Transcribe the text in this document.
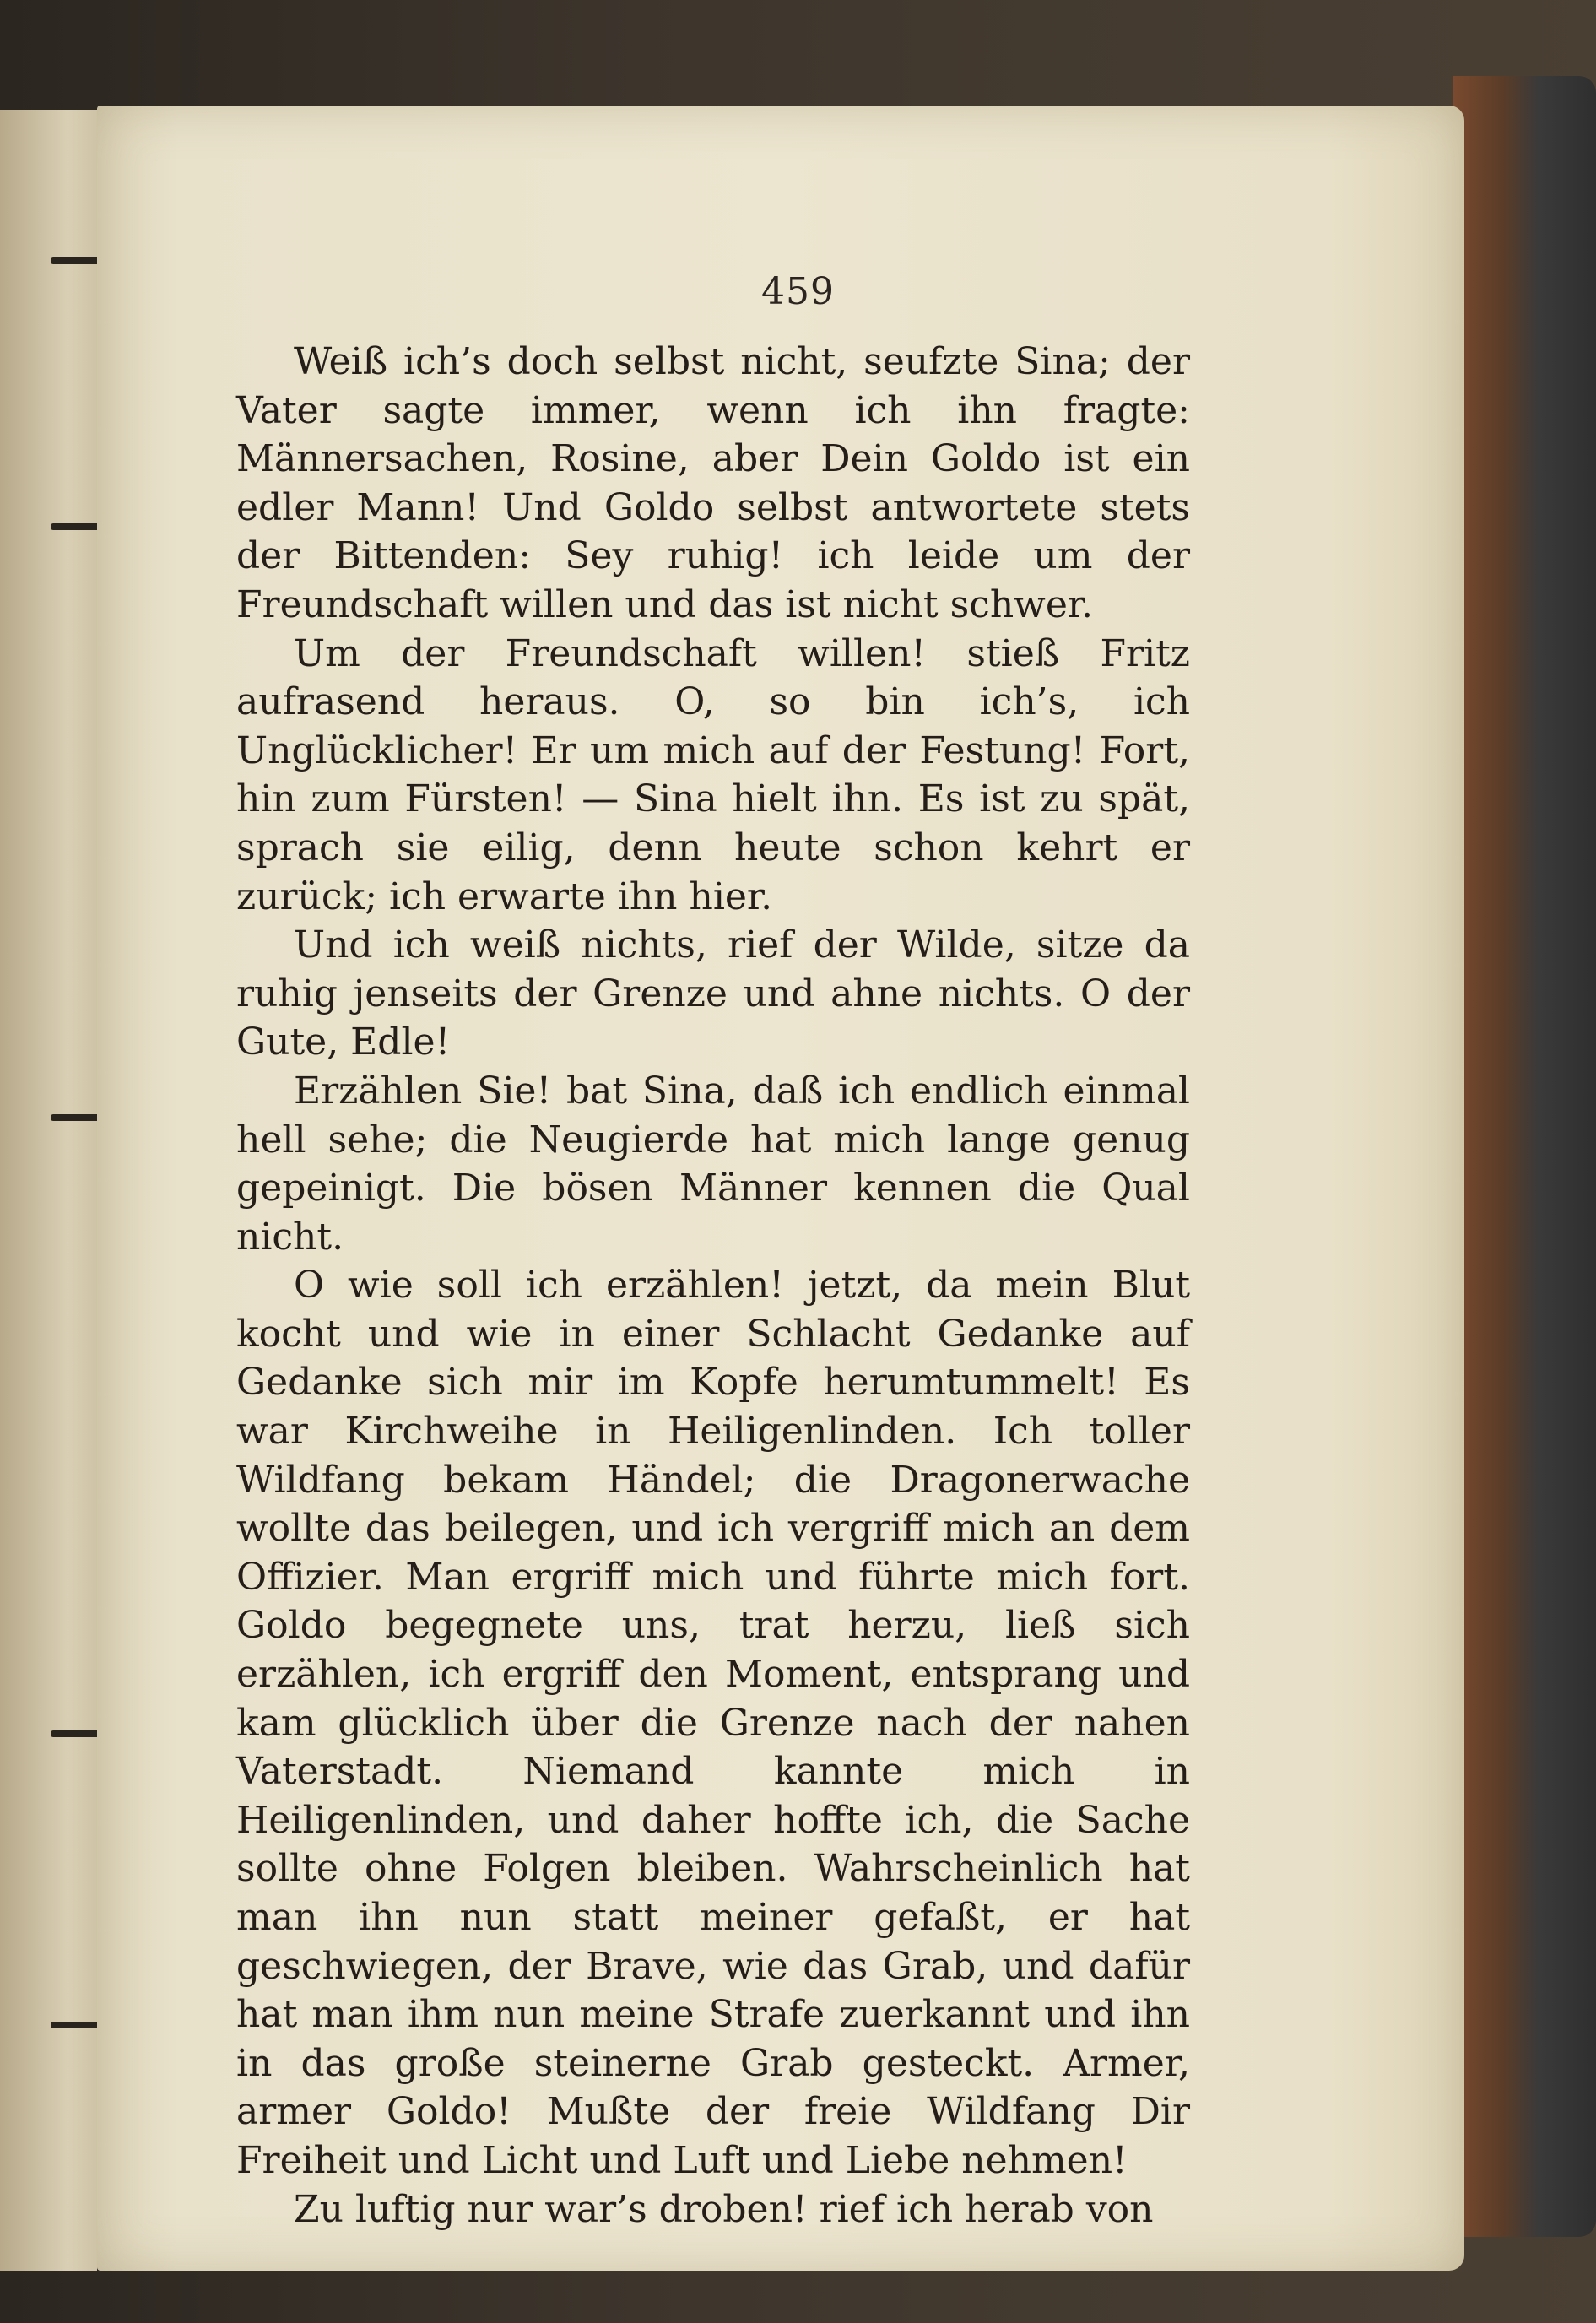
459

Weiß ich’s doch selbst nicht, seufzte Sina; der Vater sagte immer, wenn ich ihn fragte: Männersachen, Rosine, aber Dein Goldo ist ein edler Mann! Und Goldo selbst antwortete stets der Bittenden: Sey ruhig! ich leide um der Freundschaft willen und das ist nicht schwer.

Um der Freundschaft willen! stieß Fritz aufrasend heraus. O, so bin ich’s, ich Unglücklicher! Er um mich auf der Festung! Fort, hin zum Fürsten! — Sina hielt ihn. Es ist zu spät, sprach sie eilig, denn heute schon kehrt er zurück; ich erwarte ihn hier.

Und ich weiß nichts, rief der Wilde, sitze da ruhig jenseits der Grenze und ahne nichts. O der Gute, Edle!

Erzählen Sie! bat Sina, daß ich endlich einmal hell sehe; die Neugierde hat mich lange genug gepeinigt. Die bösen Männer kennen die Qual nicht.

O wie soll ich erzählen! jetzt, da mein Blut kocht und wie in einer Schlacht Gedanke auf Gedanke sich mir im Kopfe herumtummelt! Es war Kirchweihe in Heiligenlinden. Ich toller Wildfang bekam Händel; die Dragonerwache wollte das beilegen, und ich vergriff mich an dem Offizier. Man ergriff mich und führte mich fort. Goldo begegnete uns, trat herzu, ließ sich erzählen, ich ergriff den Moment, entsprang und kam glücklich über die Grenze nach der nahen Vaterstadt. Niemand kannte mich in Heiligenlinden, und daher hoffte ich, die Sache sollte ohne Folgen bleiben. Wahrscheinlich hat man ihn nun statt meiner gefaßt, er hat geschwiegen, der Brave, wie das Grab, und dafür hat man ihm nun meine Strafe zuerkannt und ihn in das große steinerne Grab gesteckt. Armer, armer Goldo! Mußte der freie Wildfang Dir Freiheit und Licht und Luft und Liebe nehmen!

Zu luftig nur war’s droben! rief ich herab von
